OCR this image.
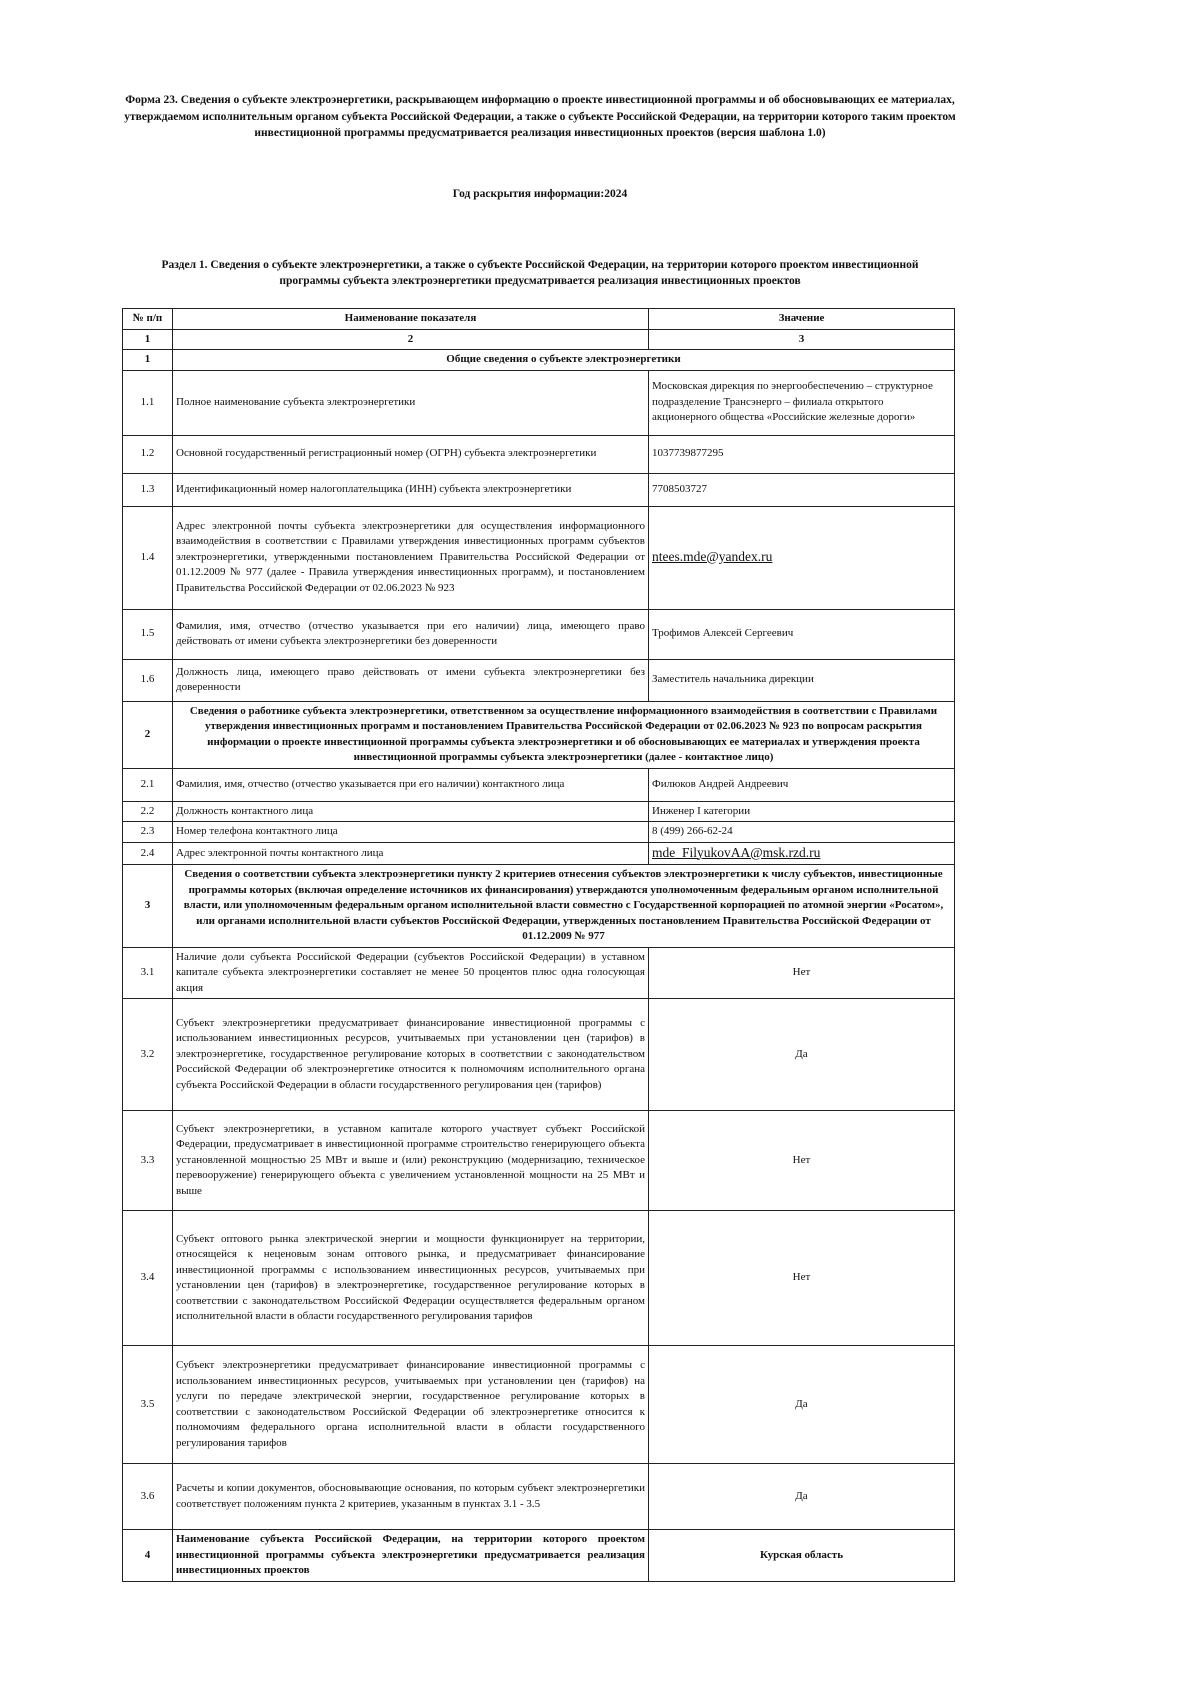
Форма 23. Сведения о субъекте электроэнергетики, раскрывающем информацию о проекте инвестиционной программы и об обосновывающих ее материалах, утверждаемом исполнительным органом субъекта Российской Федерации, а также о субъекте Российской Федерации, на территории которого таким проектом инвестиционной программы предусматривается реализация инвестиционных проектов (версия шаблона 1.0)
Год раскрытия информации:2024
Раздел 1. Сведения о субъекте электроэнергетики, а также о субъекте Российской Федерации, на территории которого проектом инвестиционной программы субъекта электроэнергетики предусматривается реализация инвестиционных проектов
№ п/п	Наименование показателя	Значение
1	2	3
1	Общие сведения о субъекте электроэнергетики	
1.1	Полное наименование субъекта электроэнергетики	Московская дирекция по энергообеспечению – структурное подразделение Трансэнерго – филиала открытого акционерного общества «Российские железные дороги»
1.2	Основной государственный регистрационный номер (ОГРН) субъекта электроэнергетики	1037739877295
1.3	Идентификационный номер налогоплательщика (ИНН) субъекта электроэнергетики	7708503727
1.4	Адрес электронной почты субъекта электроэнергетики для осуществления информационного взаимодействия в соответствии с Правилами утверждения инвестиционных программ субъектов электроэнергетики, утвержденными постановлением Правительства Российской Федерации от 01.12.2009 № 977 (далее - Правила утверждения инвестиционных программ), и постановлением Правительства Российской Федерации от 02.06.2023 № 923	ntees.mde@yandex.ru
1.5	Фамилия, имя, отчество (отчество указывается при его наличии) лица, имеющего право действовать от имени субъекта электроэнергетики без доверенности	Трофимов Алексей Сергеевич
1.6	Должность лица, имеющего право действовать от имени субъекта электроэнергетики без доверенности	Заместитель начальника дирекции
2	Сведения о работнике субъекта электроэнергетики, ответственном за осуществление информационного взаимодействия в соответствии с Правилами утверждения инвестиционных программ и постановлением Правительства Российской Федерации от 02.06.2023 № 923 по вопросам раскрытия информации о проекте инвестиционной программы субъекта электроэнергетики и об обосновывающих ее материалах и утверждения проекта инвестиционной программы субъекта электроэнергетики (далее - контактное лицо)	
2.1	Фамилия, имя, отчество (отчество указывается при его наличии) контактного лица	Филюков Андрей Андреевич
2.2	Должность контактного лица	Инженер I категории
2.3	Номер телефона контактного лица	8 (499) 266-62-24
2.4	Адрес электронной почты контактного лица	mde_FilyukovAA@msk.rzd.ru
3	Сведения о соответствии субъекта электроэнергетики пункту 2 критериев отнесения субъектов электроэнергетики к числу субъектов, инвестиционные программы которых (включая определение источников их финансирования) утверждаются уполномоченным федеральным органом исполнительной власти, или уполномоченным федеральным органом исполнительной власти совместно с Государственной корпорацией по атомной энергии «Росатом», или органами исполнительной власти субъектов Российской Федерации, утвержденных постановлением Правительства Российской Федерации от 01.12.2009 № 977	
3.1	Наличие доли субъекта Российской Федерации (субъектов Российской Федерации) в уставном капитале субъекта электроэнергетики составляет не менее 50 процентов плюс одна голосующая акция	Нет
3.2	Субъект электроэнергетики предусматривает финансирование инвестиционной программы с использованием инвестиционных ресурсов, учитываемых при установлении цен (тарифов) в электроэнергетике, государственное регулирование которых в соответствии с законодательством Российской Федерации об электроэнергетике относится к полномочиям исполнительного органа субъекта Российской Федерации в области государственного регулирования цен (тарифов)	Да
3.3	Субъект электроэнергетики, в уставном капитале которого участвует субъект Российской Федерации, предусматривает в инвестиционной программе строительство генерирующего объекта установленной мощностью 25 МВт и выше и (или) реконструкцию (модернизацию, техническое перевооружение) генерирующего объекта с увеличением установленной мощности на 25 МВт и выше	Нет
3.4	Субъект оптового рынка электрической энергии и мощности функционирует на территории, относящейся к неценовым зонам оптового рынка, и предусматривает финансирование инвестиционной программы с использованием инвестиционных ресурсов, учитываемых при установлении цен (тарифов) в электроэнергетике, государственное регулирование которых в соответствии с законодательством Российской Федерации осуществляется федеральным органом исполнительной власти в области государственного регулирования тарифов	Нет
3.5	Субъект электроэнергетики предусматривает финансирование инвестиционной программы с использованием инвестиционных ресурсов, учитываемых при установлении цен (тарифов) на услуги по передаче электрической энергии, государственное регулирование которых в соответствии с законодательством Российской Федерации об электроэнергетике относится к полномочиям федерального органа исполнительной власти в области государственного регулирования тарифов	Да
3.6	Расчеты и копии документов, обосновывающие основания, по которым субъект электроэнергетики соответствует положениям пункта 2 критериев, указанным в пунктах 3.1 - 3.5	Да
4	Наименование субъекта Российской Федерации, на территории которого проектом инвестиционной программы субъекта электроэнергетики предусматривается реализация инвестиционных проектов	Курская область
